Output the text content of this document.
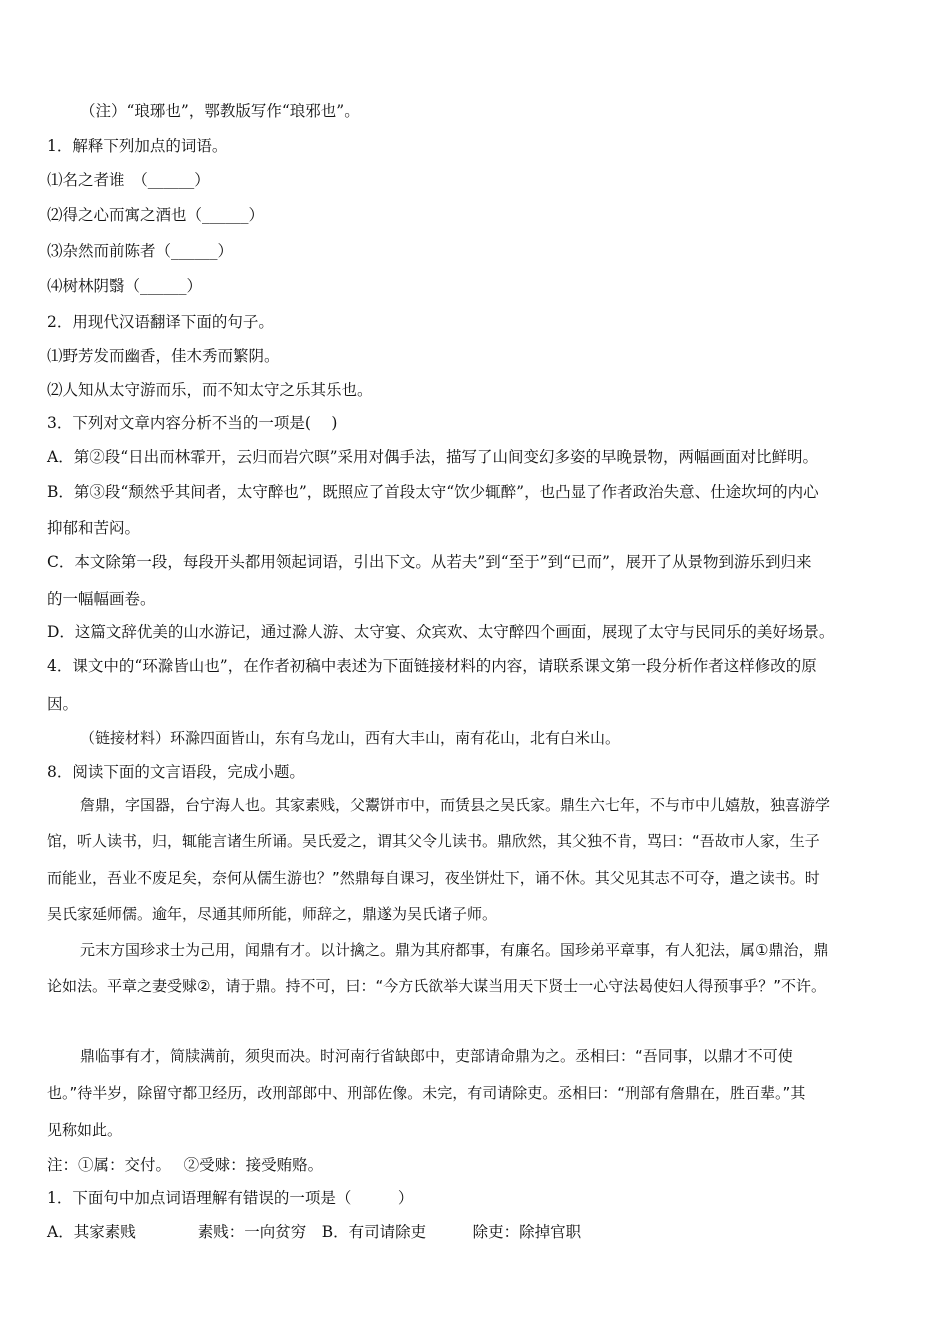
（注）“琅琊也”，鄂教版写作“琅邪也”。
1．解释下列加点的词语。
⑴名之者谁　（______）
⑵得之心而寓之酒也（______）
⑶杂然而前陈者（______）
⑷树林阴翳（______）
2．用现代汉语翻译下面的句子。
⑴野芳发而幽香，佳木秀而繁阴。
⑵人知从太守游而乐，而不知太守之乐其乐也。
3．下列对文章内容分析不当的一项是(　 )
A．第②段“日出而林霏开，云归而岩穴暝”采用对偶手法，描写了山间变幻多姿的早晚景物，两幅画面对比鲜明。
B．第③段“颓然乎其间者，太守醉也”，既照应了首段太守“饮少辄醉”，也凸显了作者政治失意、仕途坎坷的内心
抑郁和苦闷。
C．本文除第一段，每段开头都用领起词语，引出下文。从若夫”到“至于”到“已而”，展开了从景物到游乐到归来
的一幅幅画卷。
D．这篇文辞优美的山水游记，通过滁人游、太守宴、众宾欢、太守醉四个画面，展现了太守与民同乐的美好场景。
4．课文中的“环滁皆山也”，在作者初稿中表述为下面链接材料的内容，请联系课文第一段分析作者这样修改的原
因。
（链接材料）环滁四面皆山，东有乌龙山，西有大丰山，南有花山，北有白米山。
8．阅读下面的文言语段，完成小题。
詹鼎，字国器，台宁海人也。其家素贱，父鬻饼市中，而赁县之吴氏家。鼎生六七年，不与市中儿嬉敖，独喜游学
馆，听人读书，归，辄能言诸生所诵。吴氏爱之，谓其父令儿读书。鼎欣然，其父独不肯，骂曰：“吾故市人家，生子
而能业，吾业不废足矣，奈何从儒生游也？”然鼎每自课习，夜坐饼灶下，诵不休。其父见其志不可夺，遣之读书。时
吴氏家延师儒。逾年，尽通其师所能，师辞之，鼎遂为吴氏诸子师。
元末方国珍求士为己用，闻鼎有才。以计擒之。鼎为其府都事，有廉名。国珍弟平章事，有人犯法，属①鼎治，鼎
论如法。平章之妻受赇②，请于鼎。持不可，曰：“今方氏欲举大谋当用天下贤士一心守法曷使妇人得预事乎？”不许。
鼎临事有才，简牍满前，须臾而决。时河南行省缺郎中，吏部请命鼎为之。丞相曰：“吾同事，以鼎才不可使
也。”待半岁，除留守都卫经历，改刑部郎中、刑部佐像。未完，有司请除吏。丞相曰：“刑部有詹鼎在，胜百辈。”其
见称如此。
注：①属：交付。　 ②受赇：接受贿赂。
1．下面句中加点词语理解有错误的一项是（　　　）
A．其家素贱　　　　素贱：一向贫穷　B．有司请除吏　　　除吏：除掉官职
